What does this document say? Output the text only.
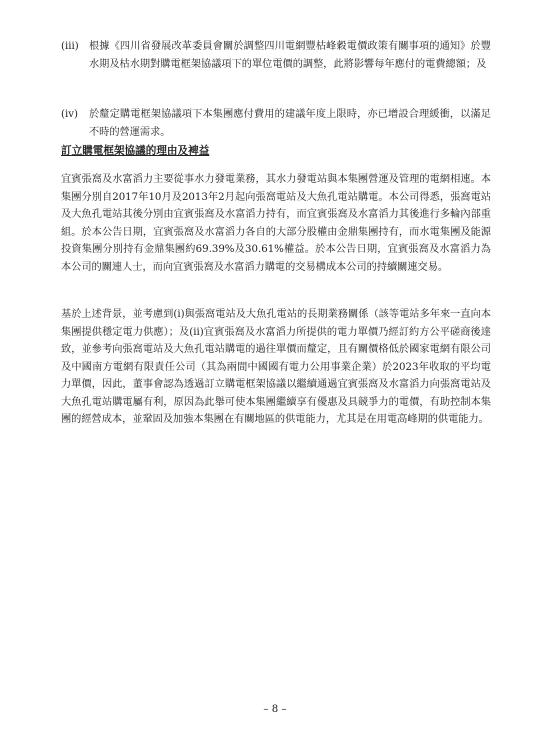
(iii)	根據《四川省發展改革委員會關於調整四川電網豐枯峰穀電價政策有關事項的通知》於豐水期及枯水期對購電框架協議項下的單位電價的調整，此將影響每年應付的電費總額；及
(iv)	於釐定購電框架協議項下本集團應付費用的建議年度上限時，亦已增設合理緩衝，以滿足不時的營運需求。
訂立購電框架協議的理由及裨益
宜賓張窩及水富滔力主要從事水力發電業務，其水力發電站與本集團營運及管理的電網相連。本集團分別自2017年10月及2013年2月起向張窩電站及大魚孔電站購電。本公司得悉，張窩電站及大魚孔電站其後分別由宜賓張窩及水富滔力持有，而宜賓張窩及水富滔力其後進行多輪內部重組。於本公告日期，宜賓張窩及水富滔力各自的大部分股權由金鼎集團持有，而水電集團及能源投資集團分別持有金鼎集團約69.39%及30.61%權益。於本公告日期，宜賓張窩及水富滔力為本公司的關連人士，而向宜賓張窩及水富滔力購電的交易構成本公司的持續關連交易。
基於上述背景，並考慮到(i)與張窩電站及大魚孔電站的長期業務關係（該等電站多年來一直向本集團提供穩定電力供應）；及(ii)宜賓張窩及水富滔力所提供的電力單價乃經訂約方公平磋商後達致，並參考向張窩電站及大魚孔電站購電的過往單價而釐定，且有關價格低於國家電網有限公司及中國南方電網有限責任公司（其為兩間中國國有電力公用事業企業）於2023年收取的平均電力單價，因此，董事會認為透過訂立購電框架協議以繼續通過宜賓張窩及水富滔力向張窩電站及大魚孔電站購電屬有利，原因為此舉可使本集團繼續享有優惠及具競爭力的電價，有助控制本集團的經營成本，並鞏固及加強本集團在有關地區的供電能力，尤其是在用電高峰期的供電能力。
– 8 –
